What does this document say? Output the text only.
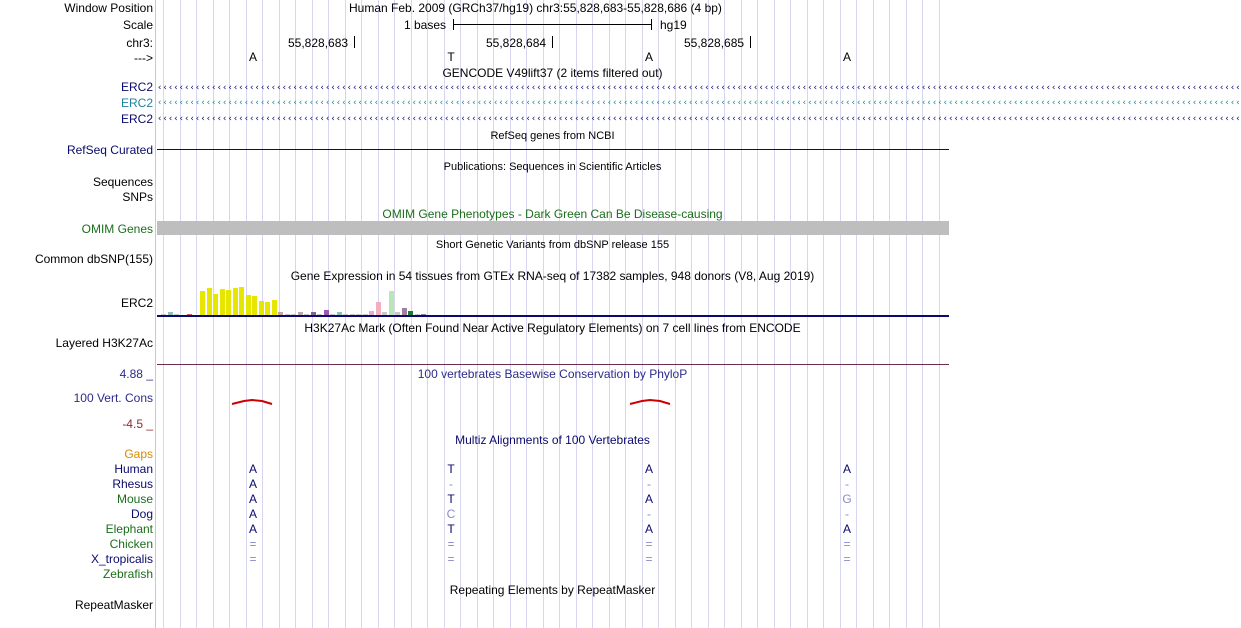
Window Position	Human Feb. 2009 (GRCh37/hg19) chr3:55,828,683-55,828,686 (4 bp)
Scale	1 bases	hg19
chr3:	55,828,683	55,828,684	55,828,685
--->	A	T	A	A
GENCODE V49lift37 (2 items filtered out)
ERC2 ‹‹‹‹‹‹‹‹‹‹‹‹‹‹‹‹‹‹‹‹‹‹‹‹‹‹‹‹‹‹‹‹‹‹‹‹‹‹‹‹‹‹‹‹‹‹‹‹‹‹‹‹‹‹‹‹‹‹‹‹‹‹‹‹‹‹‹‹‹‹‹‹‹‹‹‹‹‹‹‹‹‹‹‹‹‹‹‹‹‹‹‹‹‹‹‹‹‹‹‹‹‹‹‹‹‹‹‹‹‹‹‹‹‹‹‹‹‹‹‹‹‹‹‹‹‹‹‹‹‹‹‹‹‹‹‹‹‹‹‹‹‹‹‹‹‹‹‹‹‹‹‹‹‹‹‹‹‹‹‹‹‹‹‹‹‹‹‹‹‹‹‹‹‹‹‹‹‹‹‹‹‹‹‹‹‹‹‹‹‹‹‹‹‹‹‹‹‹‹‹
ERC2 ‹‹‹‹‹‹‹‹‹‹‹‹‹‹‹‹‹‹‹‹‹‹‹‹‹‹‹‹‹‹‹‹‹‹‹‹‹‹‹‹‹‹‹‹‹‹‹‹‹‹‹‹‹‹‹‹‹‹‹‹‹‹‹‹‹‹‹‹‹‹‹‹‹‹‹‹‹‹‹‹‹‹‹‹‹‹‹‹‹‹‹‹‹‹‹‹‹‹‹‹‹‹‹‹‹‹‹‹‹‹‹‹‹‹‹‹‹‹‹‹‹‹‹‹‹‹‹‹‹‹‹‹‹‹‹‹‹‹‹‹‹‹‹‹‹‹‹‹‹‹‹‹‹‹‹‹‹‹‹‹‹‹‹‹‹‹‹‹‹‹‹‹‹‹‹‹‹‹‹‹‹‹‹‹‹‹‹‹‹‹‹‹‹‹‹‹‹‹‹‹
ERC2 ‹‹‹‹‹‹‹‹‹‹‹‹‹‹‹‹‹‹‹‹‹‹‹‹‹‹‹‹‹‹‹‹‹‹‹‹‹‹‹‹‹‹‹‹‹‹‹‹‹‹‹‹‹‹‹‹‹‹‹‹‹‹‹‹‹‹‹‹‹‹‹‹‹‹‹‹‹‹‹‹‹‹‹‹‹‹‹‹‹‹‹‹‹‹‹‹‹‹‹‹‹‹‹‹‹‹‹‹‹‹‹‹‹‹‹‹‹‹‹‹‹‹‹‹‹‹‹‹‹‹‹‹‹‹‹‹‹‹‹‹‹‹‹‹‹‹‹‹‹‹‹‹‹‹‹‹‹‹‹‹‹‹‹‹‹‹‹‹‹‹‹‹‹‹‹‹‹‹‹‹‹‹‹‹‹‹‹‹‹‹‹‹‹‹‹‹‹‹‹‹
RefSeq genes from NCBI
RefSeq Curated
Publications: Sequences in Scientific Articles
Sequences
SNPs
OMIM Gene Phenotypes - Dark Green Can Be Disease-causing
OMIM Genes
Short Genetic Variants from dbSNP release 155
Common dbSNP(155)
Gene Expression in 54 tissues from GTEx RNA-seq of 17382 samples, 948 donors (V8, Aug 2019)
ERC2
H3K27Ac Mark (Often Found Near Active Regulatory Elements) on 7 cell lines from ENCODE
Layered H3K27Ac
4.88 _	100 vertebrates Basewise Conservation by PhyloP
100 Vert. Cons
-4.5 _
Multiz Alignments of 100 Vertebrates
Gaps
Human	A	T	A	A
Rhesus	A	-	-	-
Mouse	A	T	A	G
Dog	A	C	-	-
Elephant	A	T	A	A
Chicken	=	=	=	=
X_tropicalis	=	=	=	=
Zebrafish
Repeating Elements by RepeatMasker
RepeatMasker
